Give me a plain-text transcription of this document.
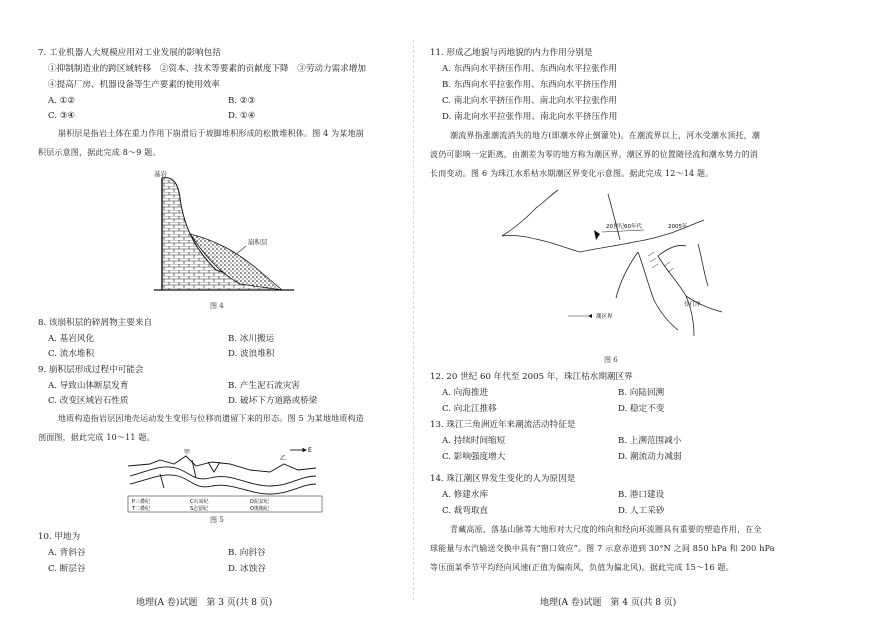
7. 工业机器人大规模应用对工业发展的影响包括
①抑制制造业的跨区域转移　②资本、技术等要素的贡献度下降　③劳动力需求增加
④提高厂房、机器设备等生产要素的使用效率
A. ①②	B. ②③
C. ③④	D. ①④
崩积层是指岩土体在重力作用下崩滑后于坡脚堆积形成的松散堆积体。图 4 为某地崩
积层示意图，据此完成 8～9 题。
基岩
崩积层
图 4
8. 该崩积层的碎屑物主要来自
A. 基岩风化	B. 冰川搬运
C. 流水堆积	D. 波浪堆积
9. 崩积层形成过程中可能会
A. 导致山体断层发育	B. 产生泥石流灾害
C. 改变区域岩石性质	D. 破坏下方道路或桥梁
地质构造指岩层因地壳运动发生变形与位移而遗留下来的形态。图 5 为某地地质构造
剖面图，据此完成 10～11 题。
甲
乙
E
P三叠纪
T二叠纪
C石炭纪
S志留纪
D泥盆纪
O奥陶纪
图 5
10. 甲地为
A. 背斜谷	B. 向斜谷
C. 断层谷	D. 冰蚀谷
地理(A 卷)试题　第 3 页(共 8 页)
11. 形成乙地貌与丙地貌的内力作用分别是
A. 东西向水平挤压作用、东西向水平拉张作用
B. 东西向水平拉张作用、东西向水平挤压作用
C. 南北向水平挤压作用、南北向水平拉张作用
D. 南北向水平拉张作用、南北向水平挤压作用
潮流界指涨潮流消失的地方(即潮水停止倒灌处)。在潮流界以上，河水受潮水顶托，潮
波仍可影响一定距离，由潮差为零的地方称为潮区界。潮区界的位置随径流和潮水势力的消
长而变动。图 6 为珠江水系枯水期潮区界变化示意图。据此完成 12～14 题。
20世纪60年代	2005年
潮区界
伶仃洋
图 6
12. 20 世纪 60 年代至 2005 年，珠江枯水期潮区界
A. 向海推进	B. 向陆回溯
C. 向北江推移	D. 稳定不变
13. 珠江三角洲近年来潮流活动特征是
A. 持续时间缩短	B. 上溯范围减小
C. 影响强度增大	D. 潮流动力减弱
14. 珠江潮区界发生变化的人为原因是
A. 修建水库	B. 港口建设
C. 裁弯取直	D. 人工采砂
青藏高原、落基山脉等大地形对大尺度的纬向和经向环流圈具有重要的塑造作用，在全
球能量与水汽输送交换中具有“窗口效应”。图 7 示意赤道到 30°N 之间 850 hPa 和 200 hPa
等压面某季节平均经向风速(正值为偏南风，负值为偏北风)。据此完成 15～16 题。
地理(A 卷)试题　第 4 页(共 8 页)
